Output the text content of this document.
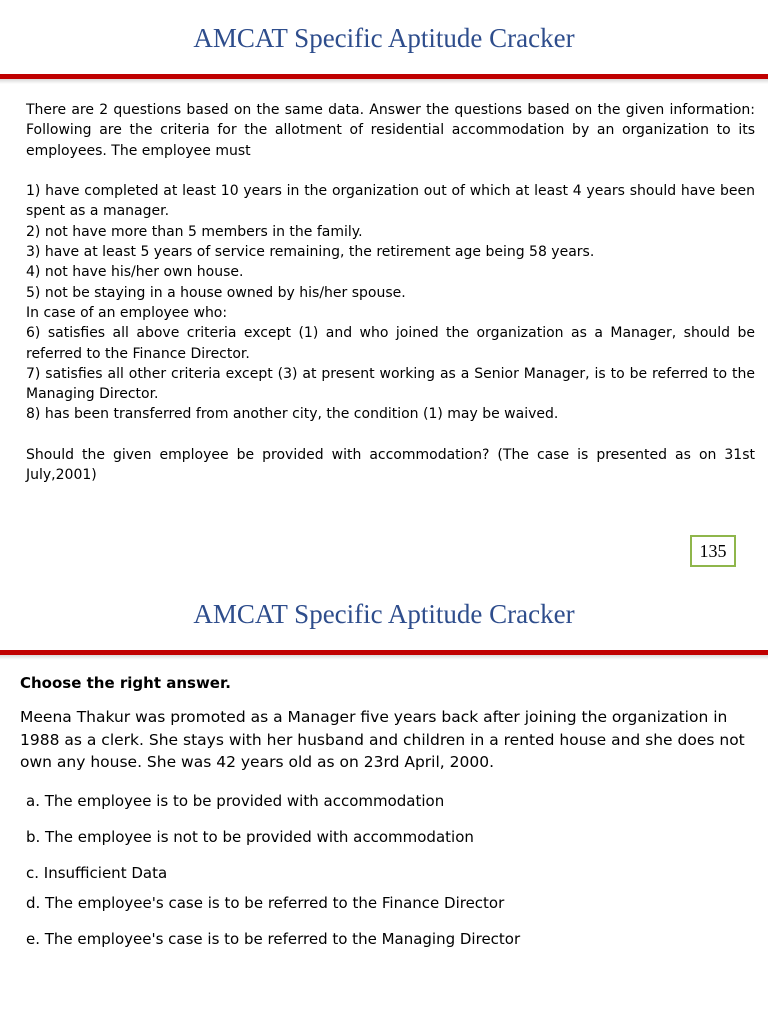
AMCAT Specific Aptitude Cracker

There are 2 questions based on the same data. Answer the questions based on the given information: Following are the criteria for the allotment of residential accommodation by an organization to its employees. The employee must

1) have completed at least 10 years in the organization out of which at least 4 years should have been spent as a manager.

2) not have more than 5 members in the family.

3) have at least 5 years of service remaining, the retirement age being 58 years.

4) not have his/her own house.

5) not be staying in a house owned by his/her spouse.

In case of an employee who:

6) satisfies all above criteria except (1) and who joined the organization as a Manager, should be referred to the Finance Director.

7) satisfies all other criteria except (3) at present working as a Senior Manager, is to be referred to the Managing Director.

8) has been transferred from another city, the condition (1) may be waived.

Should the given employee be provided with accommodation? (The case is presented as on 31st July,2001)

135
AMCAT Specific Aptitude Cracker

Choose the right answer.

Meena Thakur was promoted as a Manager five years back after joining the organization in 1988 as a clerk. She stays with her husband and children in a rented house and she does not own any house. She was 42 years old as on 23rd April, 2000.

a. The employee is to be provided with accommodation

b. The employee is not to be provided with accommodation

c. Insufficient Data

d. The employee's case is to be referred to the Finance Director

e. The employee's case is to be referred to the Managing Director
